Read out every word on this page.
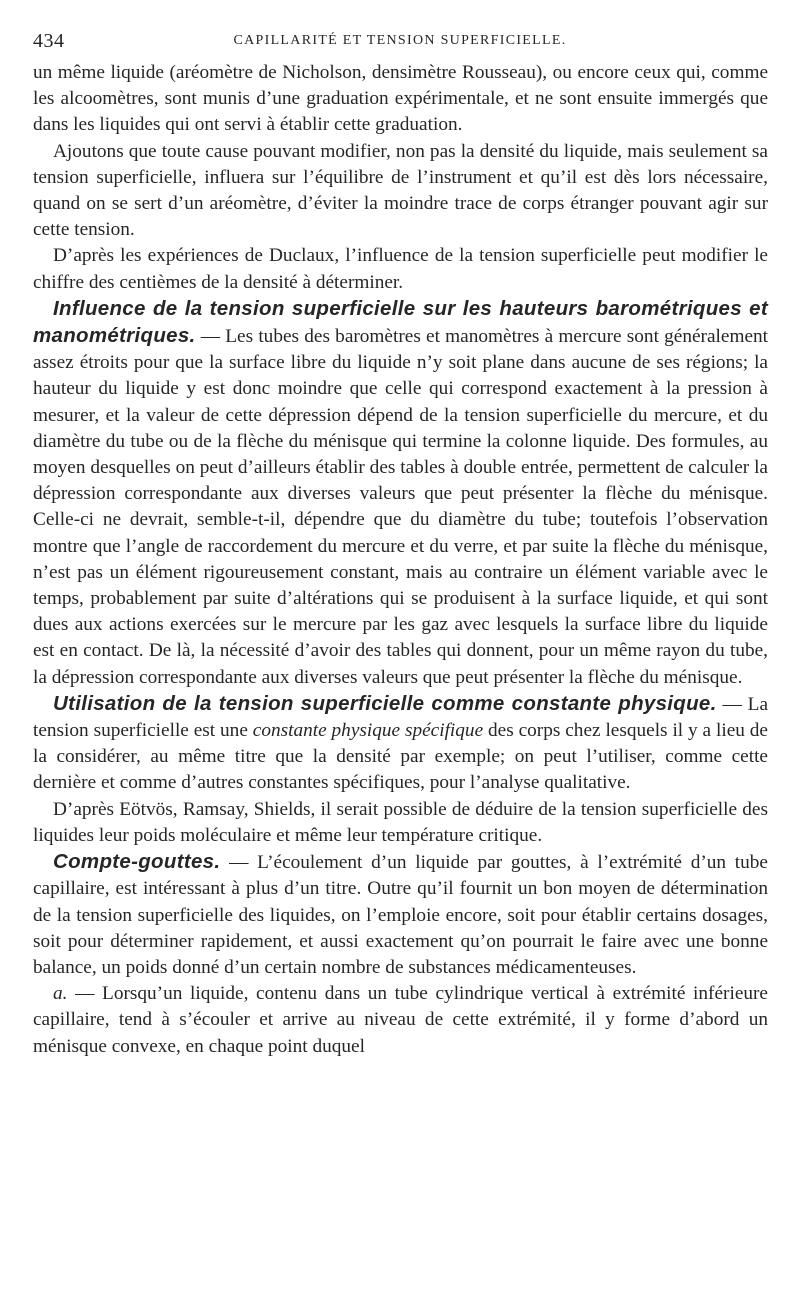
434	CAPILLARITÉ ET TENSION SUPERFICIELLE.

un même liquide (aréomètre de Nicholson, densimètre Rousseau), ou encore ceux qui, comme les alcoomètres, sont munis d’une graduation expérimentale, et ne sont ensuite immergés que dans les liquides qui ont servi à établir cette graduation.

Ajoutons que toute cause pouvant modifier, non pas la densité du liquide, mais seulement sa tension superficielle, influera sur l’équilibre de l’instrument et qu’il est dès lors nécessaire, quand on se sert d’un aréomètre, d’éviter la moindre trace de corps étranger pouvant agir sur cette tension.

D’après les expériences de Duclaux, l’influence de la tension superficielle peut modifier le chiffre des centièmes de la densité à déterminer.

Influence de la tension superficielle sur les hauteurs barométriques et manométriques. — Les tubes des baromètres et manomètres à mercure sont généralement assez étroits pour que la surface libre du liquide n’y soit plane dans aucune de ses régions; la hauteur du liquide y est donc moindre que celle qui correspond exactement à la pression à mesurer, et la valeur de cette dépression dépend de la tension superficielle du mercure, et du diamètre du tube ou de la flèche du ménisque qui termine la colonne liquide. Des formules, au moyen desquelles on peut d’ailleurs établir des tables à double entrée, permettent de calculer la dépression correspondante aux diverses valeurs que peut présenter la flèche du ménisque. Celle-ci ne devrait, semble-t-il, dépendre que du diamètre du tube; toutefois l’observation montre que l’angle de raccordement du mercure et du verre, et par suite la flèche du ménisque, n’est pas un élément rigoureusement constant, mais au contraire un élément variable avec le temps, probablement par suite d’altérations qui se produisent à la surface liquide, et qui sont dues aux actions exercées sur le mercure par les gaz avec lesquels la surface libre du liquide est en contact. De là, la nécessité d’avoir des tables qui donnent, pour un même rayon du tube, la dépression correspondante aux diverses valeurs que peut présenter la flèche du ménisque.

Utilisation de la tension superficielle comme constante physique. — La tension superficielle est une constante physique spécifique des corps chez lesquels il y a lieu de la considérer, au même titre que la densité par exemple; on peut l’utiliser, comme cette dernière et comme d’autres constantes spécifiques, pour l’analyse qualitative.

D’après Eötvös, Ramsay, Shields, il serait possible de déduire de la tension superficielle des liquides leur poids moléculaire et même leur température critique.

Compte-gouttes. — L’écoulement d’un liquide par gouttes, à l’extrémité d’un tube capillaire, est intéressant à plus d’un titre. Outre qu’il fournit un bon moyen de détermination de la tension superficielle des liquides, on l’emploie encore, soit pour établir certains dosages, soit pour déterminer rapidement, et aussi exactement qu’on pourrait le faire avec une bonne balance, un poids donné d’un certain nombre de substances médicamenteuses.

a. — Lorsqu’un liquide, contenu dans un tube cylindrique vertical à extrémité inférieure capillaire, tend à s’écouler et arrive au niveau de cette extrémité, il y forme d’abord un ménisque convexe, en chaque point duquel
